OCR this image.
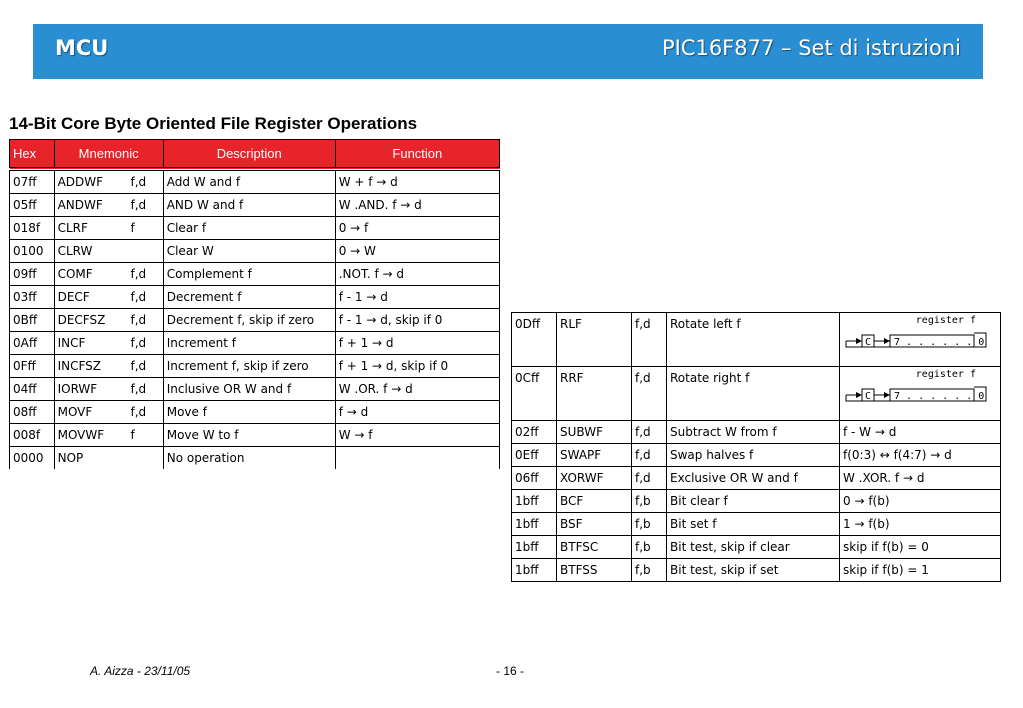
MCU	PIC16F877 – Set di istruzioni
14-Bit Core Byte Oriented File Register Operations
Hex	Mnemonic		Description	Function
07ff	ADDWF	f,d	Add W and f	W + f → d
05ff	ANDWF	f,d	AND W and f	W .AND. f → d
018f	CLRF	f	Clear f	0 → f
0100	CLRW		Clear W	0 → W
09ff	COMF	f,d	Complement f	.NOT. f → d
03ff	DECF	f,d	Decrement f	f - 1 → d
0Bff	DECFSZ	f,d	Decrement f, skip if zero	f - 1 → d, skip if 0
0Aff	INCF	f,d	Increment f	f + 1 → d
0Fff	INCFSZ	f,d	Increment f, skip if zero	f + 1 → d, skip if 0
04ff	IORWF	f,d	Inclusive OR W and f	W .OR. f → d
08ff	MOVF	f,d	Move f	f → d
008f	MOVWF	f	Move W to f	W → f
0000	NOP		No operation	
0Dff	RLF	f,d	Rotate left f	register f
C 7 . . . . . . 0

0Cff	RRF	f,d	Rotate right f	register f
C 7 . . . . . . 0

02ff	SUBWF	f,d	Subtract W from f	f - W → d
0Eff	SWAPF	f,d	Swap halves f	f(0:3) ↔ f(4:7) → d
06ff	XORWF	f,d	Exclusive OR W and f	W .XOR. f → d
1bff	BCF	f,b	Bit clear f	0 → f(b)
1bff	BSF	f,b	Bit set f	1 → f(b)
1bff	BTFSC	f,b	Bit test, skip if clear	skip if f(b) = 0
1bff	BTFSS	f,b	Bit test, skip if set	skip if f(b) = 1
A. Aizza - 23/11/05	- 16 -
